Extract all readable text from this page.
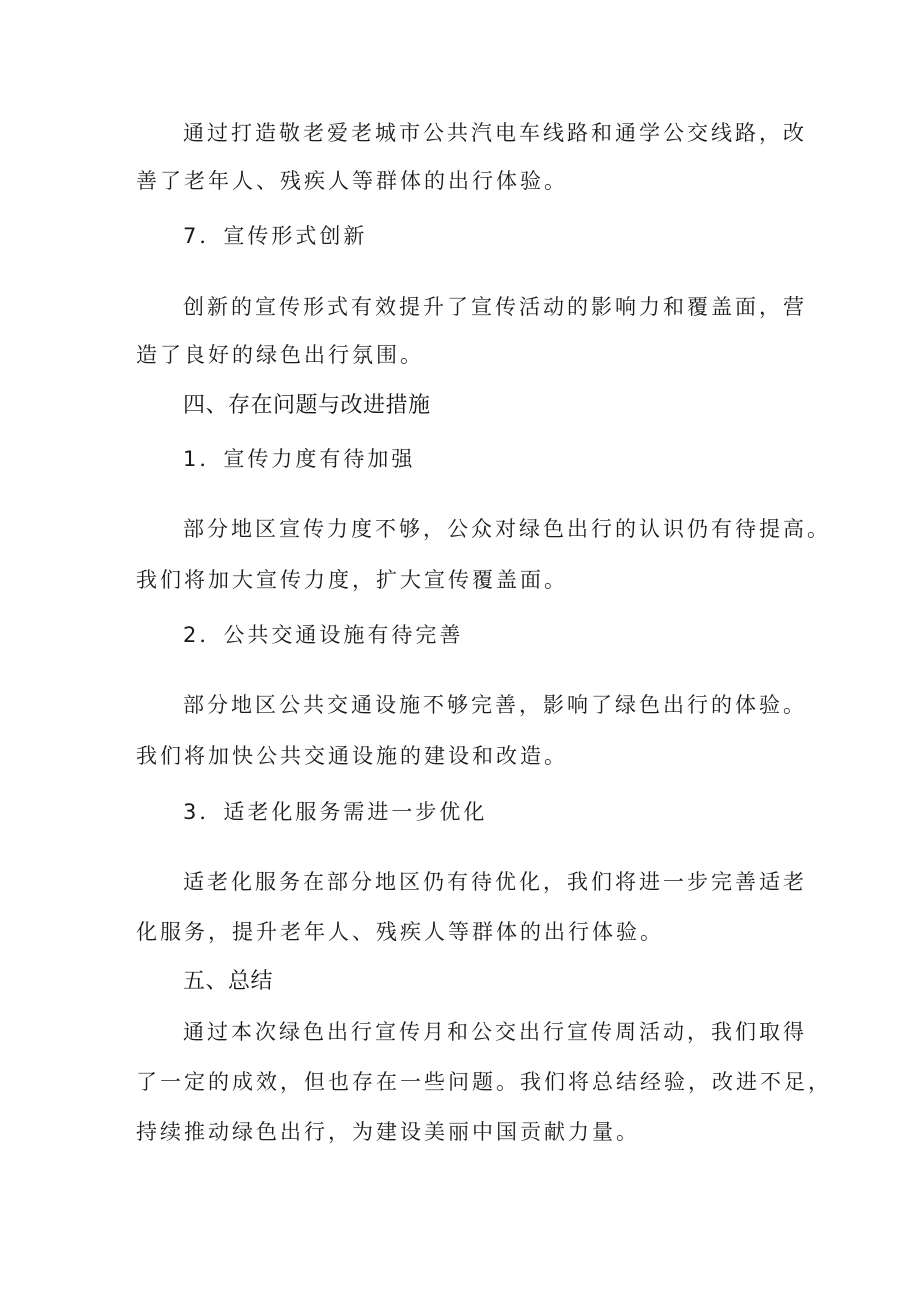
通过打造敬老爱老城市公共汽电车线路和通学公交线路，改
善了老年人、残疾人等群体的出行体验。
7．宣传形式创新
创新的宣传形式有效提升了宣传活动的影响力和覆盖面，营
造了良好的绿色出行氛围。
四、存在问题与改进措施
1．宣传力度有待加强
部分地区宣传力度不够，公众对绿色出行的认识仍有待提高。
我们将加大宣传力度，扩大宣传覆盖面。
2．公共交通设施有待完善
部分地区公共交通设施不够完善，影响了绿色出行的体验。
我们将加快公共交通设施的建设和改造。
3．适老化服务需进一步优化
适老化服务在部分地区仍有待优化，我们将进一步完善适老
化服务，提升老年人、残疾人等群体的出行体验。
五、总结
通过本次绿色出行宣传月和公交出行宣传周活动，我们取得
了一定的成效，但也存在一些问题。我们将总结经验，改进不足，
持续推动绿色出行，为建设美丽中国贡献力量。
